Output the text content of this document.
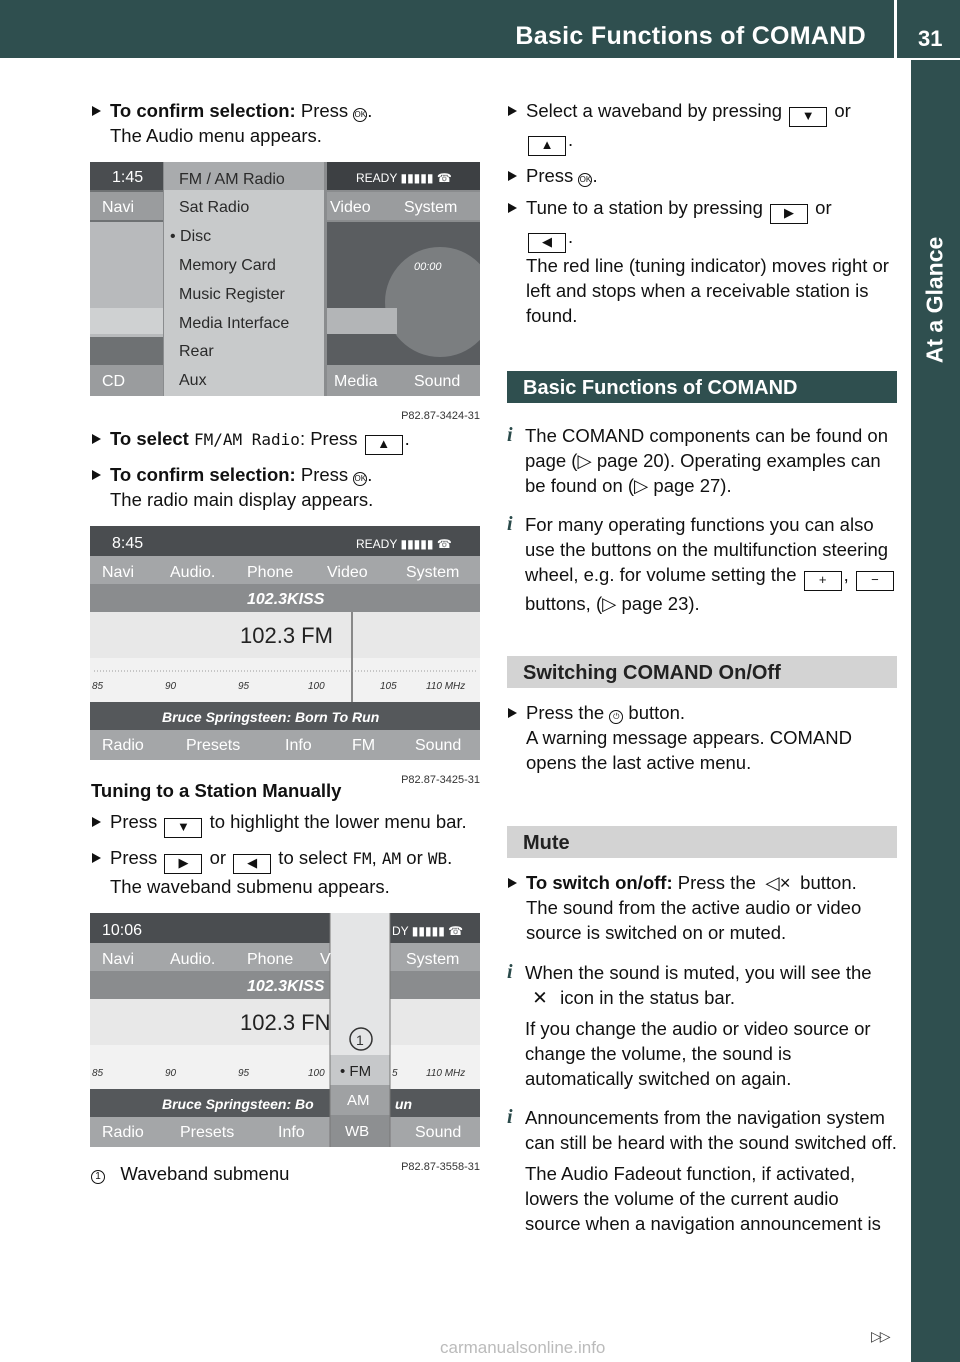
Basic Functions of COMAND 31
At a Glance
To confirm selection: Press OK.
The Audio menu appears.
1:45
Navi
CD
Video System
Media Sound
READY ▮▮▮▮▮ ☎
00:00
FM / AM Radio
Sat Radio
• Disc
Memory Card
Music Register
Media Interface
Rear
Aux
P82.87-3424-31
To select FM/AM Radio: Press ▲ .
To confirm selection: Press OK.
The radio main display appears.
8:45	READY ▮▮▮▮▮ ☎
Navi Audio. Phone Video System
102.3KISS
Bruce Springsteen: Born To Run
Radio	Presets	Info	FM Sound
102.3 FM
85	90	95	100	105	110 MHz
P82.87-3425-31
Tuning to a Station Manually
Press ▼ to highlight the lower menu bar.
Press ▶ or ◀ to select FM, AM or WB.
The waveband submenu appears.
1
10:06	DY ▮▮▮▮▮ ☎
Navi Audio. Phone V	System
102.3KISS
Bruce Springsteen: Bo	un
Radio Presets	Info	Sound
102.3 FN
85	90	95	100	5	110 MHz
• FM
AM
WB
P82.87-3558-31
1 Waveband submenu
Select a waveband by pressing ▼ or
▲ .
Press OK.
Tune to a station by pressing ▶ or
◀ .
The red line (tuning indicator) moves right or left and stops when a receivable station is found.
Basic Functions of COMAND
i The COMAND components can be found on page (▷ page 20). Operating examples can be found on (▷ page 27).
i For many operating functions you can also use the buttons on the multifunction steering wheel, e.g. for volume setting the + , − buttons, (▷ page 23).
Switching COMAND On/Off
Press the ⏻ button.
A warning message appears. COMAND opens the last active menu.
Mute
To switch on/off: Press the ◁× button.
The sound from the active audio or video source is switched on or muted.
i When the sound is muted, you will see the ✕ icon in the status bar.
If you change the audio or video source or change the volume, the sound is automatically switched on again.
i Announcements from the navigation system can still be heard with the sound switched off.
The Audio Fadeout function, if activated, lowers the volume of the current audio source when a navigation announcement is
▷▷
carmanualsonline.info
